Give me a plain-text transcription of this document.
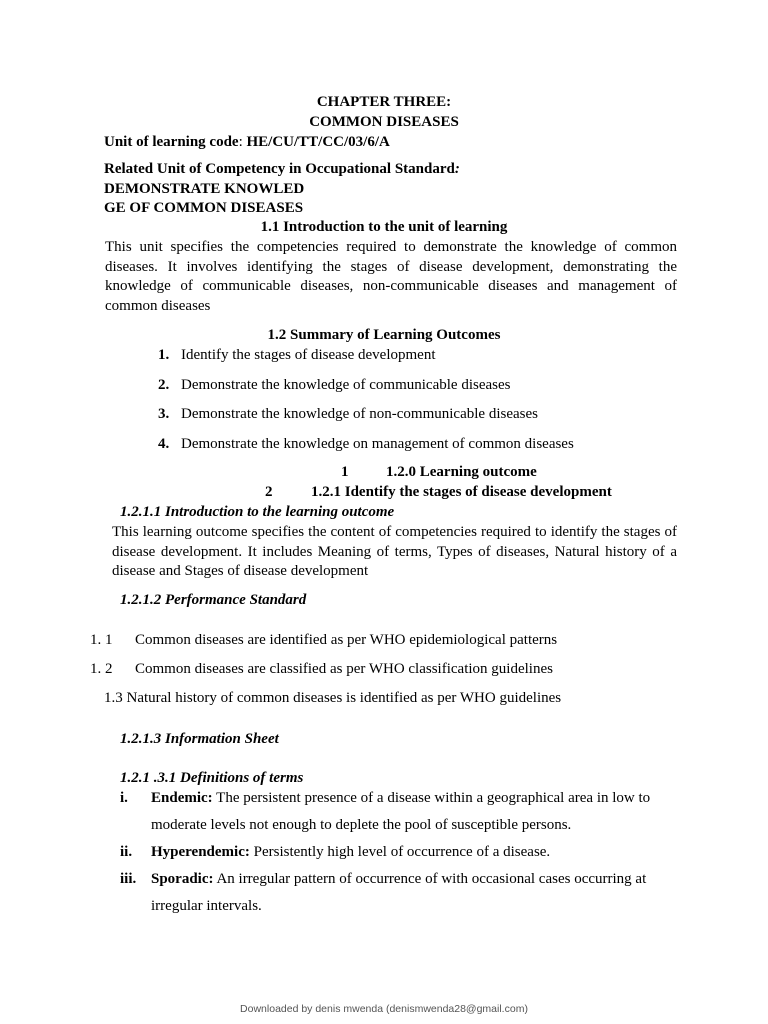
CHAPTER THREE:
COMMON DISEASES
Unit of learning code: HE/CU/TT/CC/03/6/A
Related Unit of Competency in Occupational Standard:
DEMONSTRATE KNOWLED
GE OF COMMON DISEASES
1.1 Introduction to the unit of learning
This unit specifies the competencies required to demonstrate the knowledge of common diseases. It involves identifying the stages of disease development, demonstrating the knowledge of communicable diseases, non-communicable diseases and management of common diseases
1.2 Summary of Learning Outcomes
1. Identify the stages of disease development
2. Demonstrate the knowledge of communicable diseases
3. Demonstrate the knowledge of non-communicable diseases
4. Demonstrate the knowledge on management of common diseases
1	1.2.0 Learning outcome
2	1.2.1 Identify the stages of disease development
1.2.1.1 Introduction to the learning outcome
This learning outcome specifies the content of competencies required to identify the stages of disease development. It includes Meaning of terms, Types of diseases, Natural history of a disease and Stages of disease development
1.2.1.2 Performance Standard
1. 1 Common diseases are identified as per WHO epidemiological patterns
1. 2 Common diseases are classified as per WHO classification guidelines
1.3 Natural history of common diseases is identified as per WHO guidelines
1.2.1.3 Information Sheet
1.2.1 .3.1 Definitions of terms
i. Endemic: The persistent presence of a disease within a geographical area in low to moderate levels not enough to deplete the pool of susceptible persons.
ii. Hyperendemic: Persistently high level of occurrence of a disease.
iii. Sporadic: An irregular pattern of occurrence of with occasional cases occurring at irregular intervals.
Downloaded by denis mwenda (denismwenda28@gmail.com)
